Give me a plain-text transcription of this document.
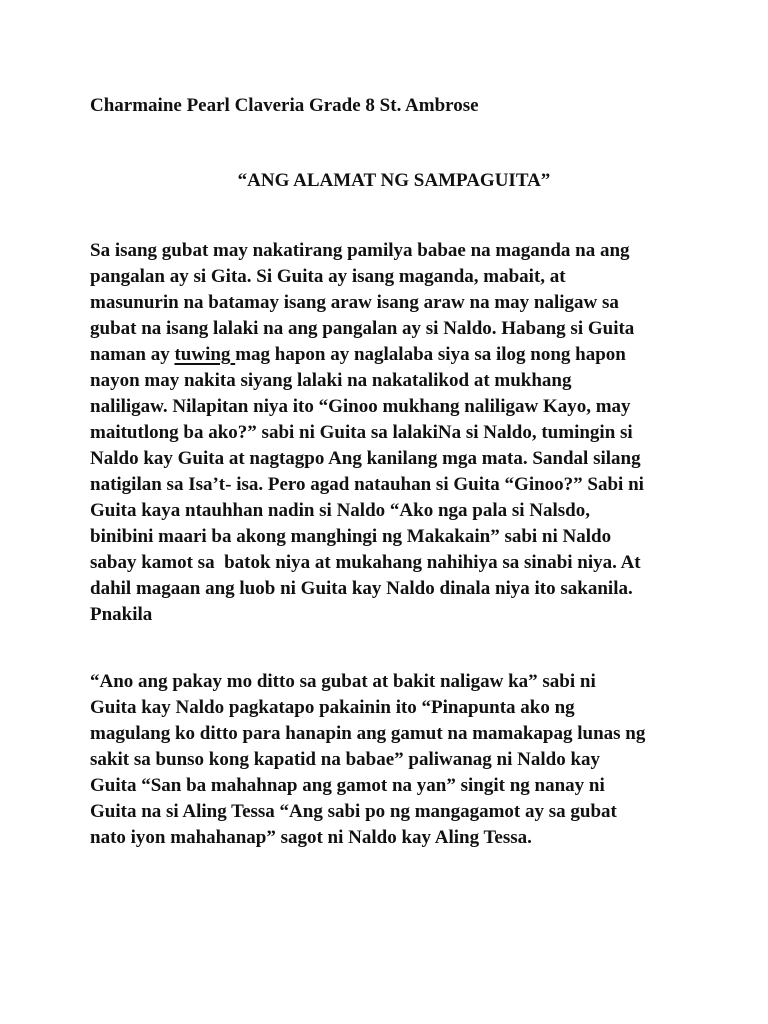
Charmaine Pearl Claveria Grade 8 St. Ambrose

“ANG ALAMAT NG SAMPAGUITA”

Sa isang gubat may nakatirang pamilya babae na maganda na ang
pangalan ay si Gita. Si Guita ay isang maganda, mabait, at
masunurin na batamay isang araw isang araw na may naligaw sa
gubat na isang lalaki na ang pangalan ay si Naldo. Habang si Guita
naman ay tuwing mag hapon ay naglalaba siya sa ilog nong hapon
nayon may nakita siyang lalaki na nakatalikod at mukhang
naliligaw. Nilapitan niya ito “Ginoo mukhang naliligaw Kayo, may
maitutlong ba ako?” sabi ni Guita sa lalakiNa si Naldo, tumingin si
Naldo kay Guita at nagtagpo Ang kanilang mga mata. Sandal silang
natigilan sa Isa’t- isa. Pero agad natauhan si Guita “Ginoo?” Sabi ni
Guita kaya ntauhhan nadin si Naldo “Ako nga pala si Nalsdo,
binibini maari ba akong manghingi ng Makakain” sabi ni Naldo
sabay kamot sa  batok niya at mukahang nahihiya sa sinabi niya. At
dahil magaan ang luob ni Guita kay Naldo dinala niya ito sakanila.
Pnakila
“Ano ang pakay mo ditto sa gubat at bakit naligaw ka” sabi ni
Guita kay Naldo pagkatapo pakainin ito “Pinapunta ako ng
magulang ko ditto para hanapin ang gamut na mamakapag lunas ng
sakit sa bunso kong kapatid na babae” paliwanag ni Naldo kay
Guita “San ba mahahnap ang gamot na yan” singit ng nanay ni
Guita na si Aling Tessa “Ang sabi po ng mangagamot ay sa gubat
nato iyon mahahanap” sagot ni Naldo kay Aling Tessa.
